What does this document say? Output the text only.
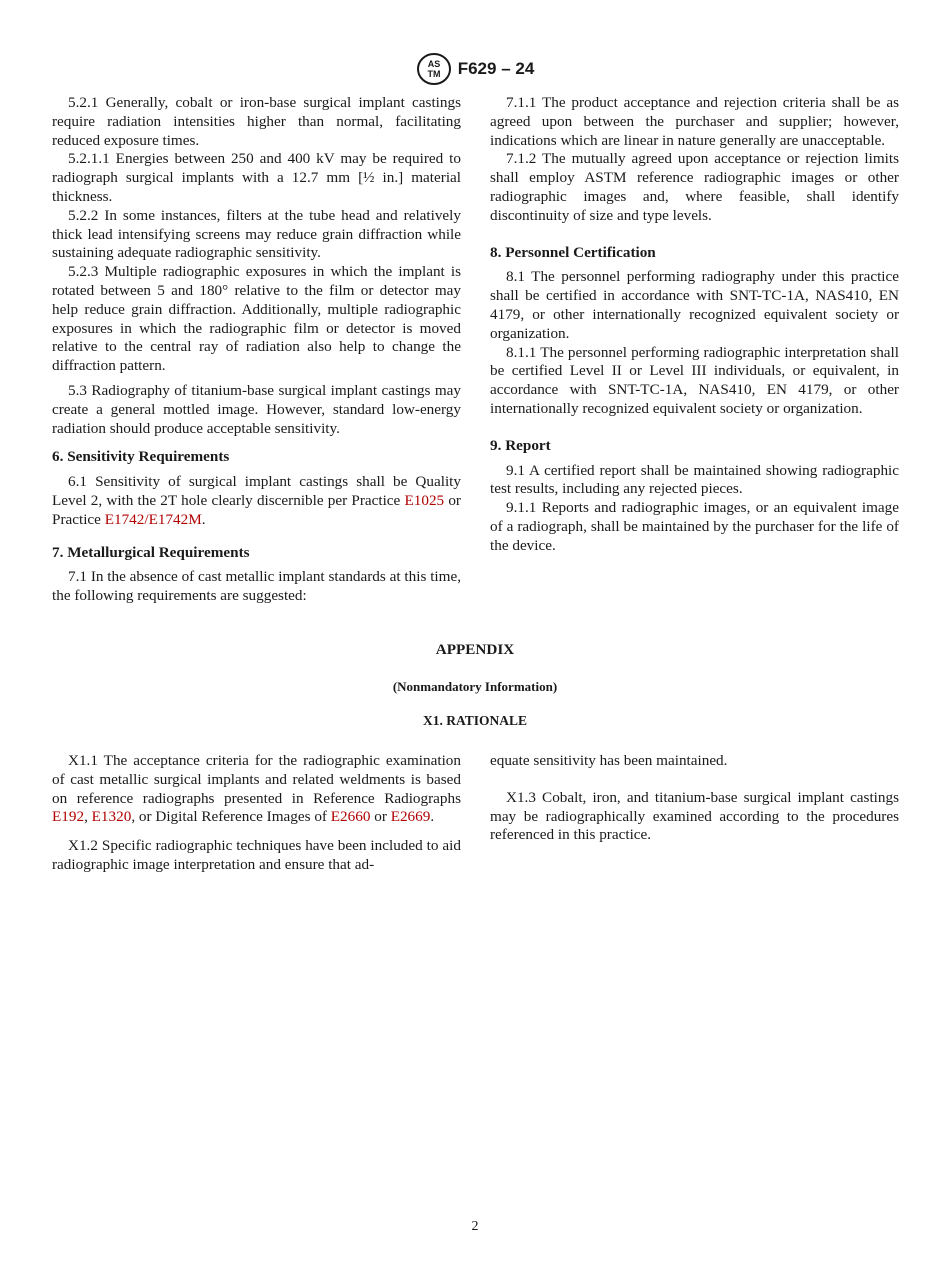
AS
TM F629 – 24

5.2.1 Generally, cobalt or iron-base surgical implant castings require radiation intensities higher than normal, facilitating reduced exposure times.

5.2.1.1 Energies between 250 and 400 kV may be required to radiograph surgical implants with a 12.7 mm [½ in.] material thickness.

5.2.2 In some instances, filters at the tube head and relatively thick lead intensifying screens may reduce grain diffraction while sustaining adequate radiographic sensitivity.

5.2.3 Multiple radiographic exposures in which the implant is rotated between 5 and 180° relative to the film or detector may help reduce grain diffraction. Additionally, multiple radiographic exposures in which the radiographic film or detector is moved relative to the central ray of radiation also help to change the diffraction pattern.

5.3 Radiography of titanium-base surgical implant castings may create a general mottled image. However, standard low-energy radiation should produce acceptable sensitivity.

6. Sensitivity Requirements

6.1 Sensitivity of surgical implant castings shall be Quality Level 2, with the 2T hole clearly discernible per Practice E1025 or Practice E1742/E1742M.

7. Metallurgical Requirements

7.1 In the absence of cast metallic implant standards at this time, the following requirements are suggested:

7.1.1 The product acceptance and rejection criteria shall be as agreed upon between the purchaser and supplier; however, indications which are linear in nature generally are unacceptable.

7.1.2 The mutually agreed upon acceptance or rejection limits shall employ ASTM reference radiographic images or other radiographic images and, where feasible, shall identify discontinuity of size and type levels.

8. Personnel Certification

8.1 The personnel performing radiography under this practice shall be certified in accordance with SNT-TC-1A, NAS410, EN 4179, or other internationally recognized equivalent society or organization.

8.1.1 The personnel performing radiographic interpretation shall be certified Level II or Level III individuals, or equivalent, in accordance with SNT-TC-1A, NAS410, EN 4179, or other internationally recognized equivalent society or organization.

9. Report

9.1 A certified report shall be maintained showing radiographic test results, including any rejected pieces.

9.1.1 Reports and radiographic images, or an equivalent image of a radiograph, shall be maintained by the purchaser for the life of the device.

APPENDIX
(Nonmandatory Information)
X1. RATIONALE

X1.1 The acceptance criteria for the radiographic examination of cast metallic surgical implants and related weldments is based on reference radiographs presented in Reference Radiographs E192, E1320, or Digital Reference Images of E2660 or E2669.

X1.2 Specific radiographic techniques have been included to aid radiographic image interpretation and ensure that ad-

equate sensitivity has been maintained.

X1.3 Cobalt, iron, and titanium-base surgical implant castings may be radiographically examined according to the procedures referenced in this practice.

2
